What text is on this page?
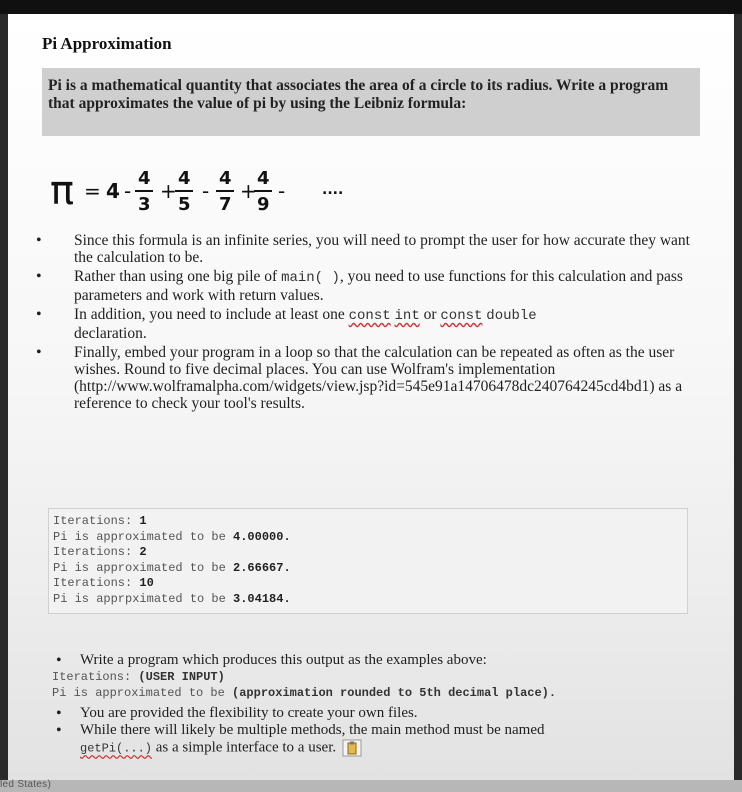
Pi Approximation
Pi is a mathematical quantity that associates the area of a circle to its radius. Write a program that approximates the value of pi by using the Leibniz formula:
π = 4 -
4
3
+
4
5
-
4
7
+
4
9
-	....
• Since this formula is an infinite series, you will need to prompt the user for how accurate they want the calculation to be.
• Rather than using one big pile of main( ), you need to use functions for this calculation and pass parameters and work with return values.
• In addition, you need to include at least one const int or const double
declaration.
• Finally, embed your program in a loop so that the calculation can be repeated as often as the user wishes. Round to five decimal places. You can use Wolfram's implementation (http://www.wolframalpha.com/widgets/view.jsp?id=545e91a14706478dc240764245cd4bd1) as a reference to check your tool's results.
Iterations: 1
Pi is approximated to be 4.00000.
Iterations: 2
Pi is approximated to be 2.66667.
Iterations: 10
Pi is apprpximated to be 3.04184.
• Write a program which produces this output as the examples above:
Iterations: (USER INPUT)
Pi is approximated to be (approximation rounded to 5th decimal place).
• You are provided the flexibility to create your own files.
• While there will likely be multiple methods, the main method must be named
getPi(...) as a simple interface to a user.
led States)
